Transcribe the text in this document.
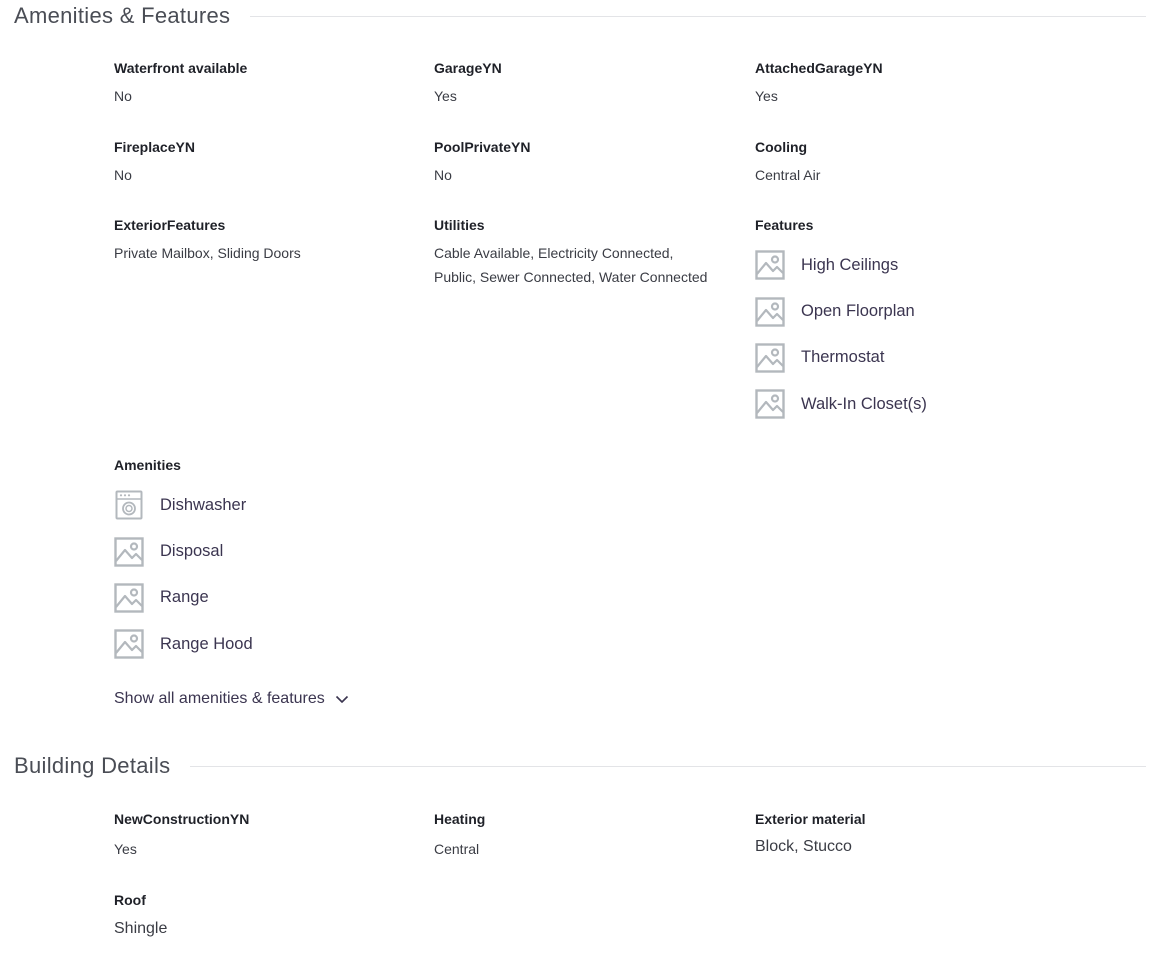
Amenities & Features
Waterfront available
No
GarageYN
Yes
AttachedGarageYN
Yes
FireplaceYN
No
PoolPrivateYN
No
Cooling
Central Air
ExteriorFeatures
Private Mailbox, Sliding Doors
Utilities
Cable Available, Electricity Connected, Public, Sewer Connected, Water Connected
Features
High Ceilings
Open Floorplan
Thermostat
Walk-In Closet(s)
Amenities
Dishwasher
Disposal
Range
Range Hood
Show all amenities & features
Building Details
NewConstructionYN
Yes
Heating
Central
Exterior material
Block, Stucco
Roof
Shingle
